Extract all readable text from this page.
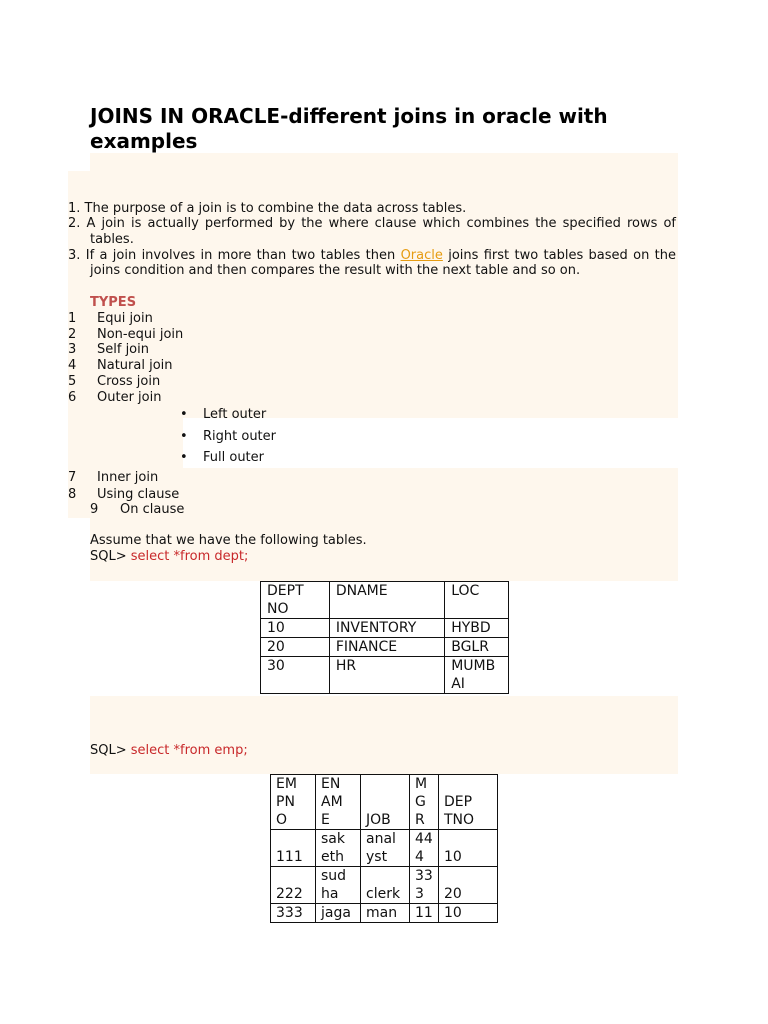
JOINS IN ORACLE-different joins in oracle with examples
1. The purpose of a join is to combine the data across tables.
2. A join is actually performed by the where clause which combines the specified rows of
tables.
3. If a join involves in more than two tables then Oracle joins first two tables based on the
joins condition and then compares the result with the next table and so on.
TYPES
1 Equi join
2 Non-equi join
3 Self join
4 Natural join
5 Cross join
6 Outer join
• Left outer
• Right outer
• Full outer
7 Inner join
8 Using clause
9 On clause
Assume that we have the following tables.
SQL> select *from dept;
DEPT NO	DNAME	LOC
10	INVENTORY	HYBD
20	FINANCE	BGLR
30	HR	MUMB AI
SQL> select *from emp;
EM PN O	EN AM E	JOB	M G R	DEP TNO
111	sak eth	anal yst	44 4	10
222	sud ha	clerk	33 3	20
333	jaga	man	11	10
